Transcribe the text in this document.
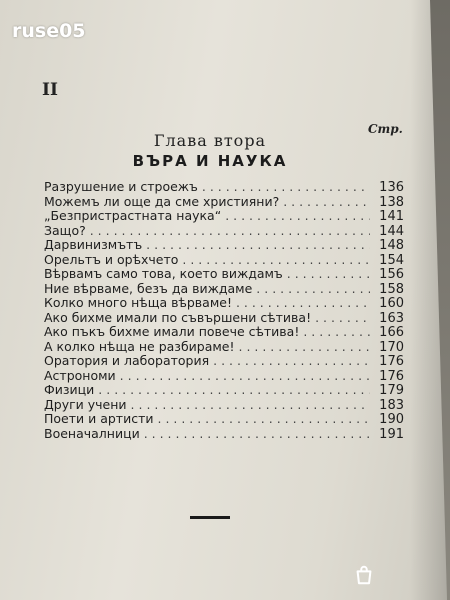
ruse05
II
Стр.
Глава втора
ВЪРА И НАУКА
Разрушение и строежъ . . .	136
Можемъ ли още да сме християни? . . .	138
„Безпристрастната наука“ . . .	141
Защо? . . .	144
Дарвинизмътъ . . .	148
Орельтъ и орѣхчето . . .	154
Вѣрвамъ само това, което виждамъ . . .	156
Ние вѣрваме, безъ да виждаме . . .	158
Колко много нѣща вѣрваме! . . .	160
Ако бихме имали по съвършени сѣтива! . . .	163
Ако пъкъ бихме имали повече сѣтива! . . .	166
А колко нѣща не разбираме! . . .	170
Оратория и лаборатория . . .	176
Астрономи . . .	176
Физици . . .	179
Други учени . . .	183
Поети и артисти . . .	190
Военачалници . . .	191
